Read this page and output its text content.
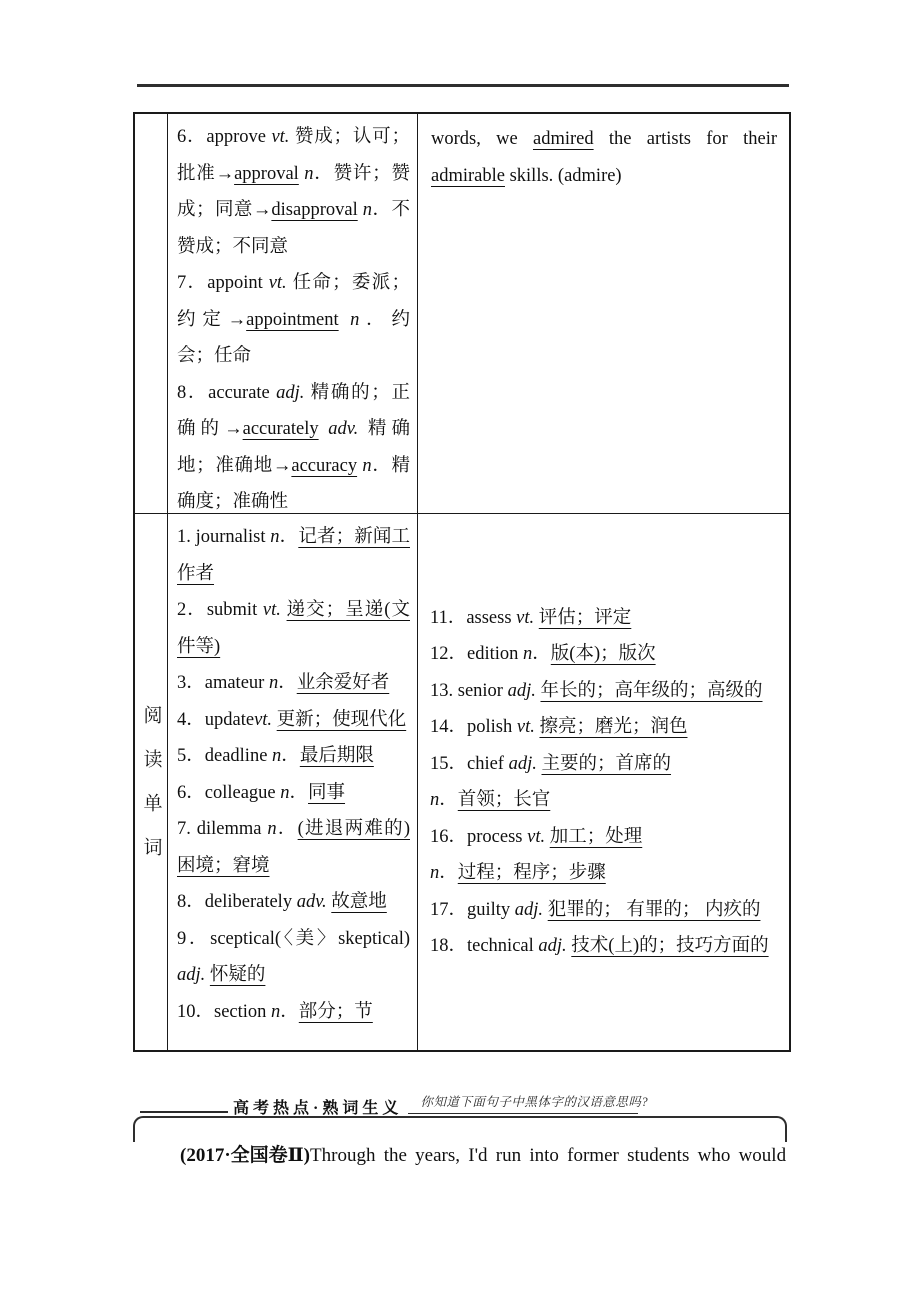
6．approve vt. 赞成；认可；批准→approval n．赞许；赞成；同意→disapproval n．不赞成；不同意

7．appoint vt. 任命；委派；约定→appointment n．约会；任命

8．accurate adj. 精确的；正确的→accurately adv. 精确地；准确地→accuracy n．精确度；准确性

words, we admired the artists for their admirable skills. (admire)

阅读单词

1. journalist n．记者；新闻工作者

2．submit vt. 递交；呈递(文件等)

3．amateur n．业余爱好者

4．updatevt. 更新；使现代化

5．deadline n．最后期限

6．colleague n．同事

7. dilemma n．(进退两难的)困境；窘境

8．deliberately adv. 故意地

9．sceptical(〈美〉skeptical) adj. 怀疑的

10．section n．部分；节

11．assess vt. 评估；评定

12．edition n．版(本)；版次

13. senior adj. 年长的；高年级的；高级的

14．polish vt. 擦亮；磨光；润色

15．chief adj. 主要的；首席的
n．首领；长官

16．process vt. 加工；处理
n．过程；程序；步骤

17．guilty adj. 犯罪的； 有罪的； 内疚的

18．technical adj. 技术(上)的；技巧方面的

高考热点·熟词生义	你知道下面句子中黑体字的汉语意思吗?

(2017·全国卷Ⅱ)Through the years, I'd run into former students who would
